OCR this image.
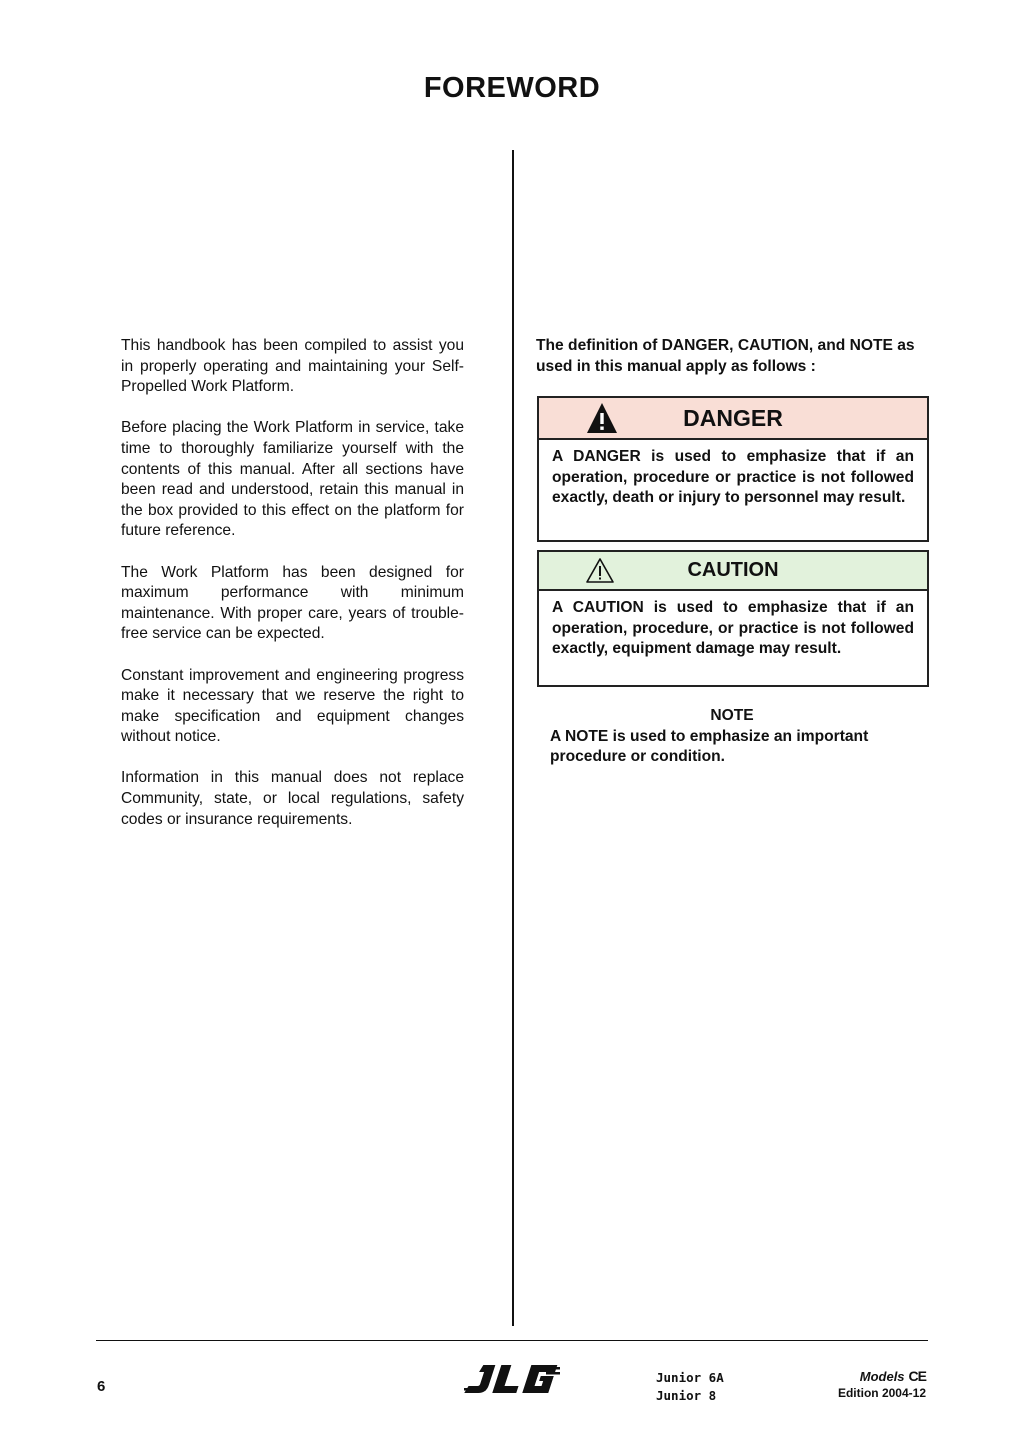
FOREWORD

This handbook has been compiled to assist you in properly operating and maintaining your Self-Propelled Work Platform.

Before placing the Work Platform in service, take time to thoroughly familiarize yourself with the contents of this manual. After all sections have been read and understood, retain this manual in the box provided to this effect on the platform for future reference.

The Work Platform has been designed for maximum performance with minimum maintenance. With proper care, years of trouble-free service can be expected.

Constant improvement and engineering progress make it necessary that we reserve the right to make specification and equipment changes without notice.

Information in this manual does not replace Community, state, or local regulations, safety codes or insurance requirements.

The definition of DANGER, CAUTION, and NOTE as used in this manual apply as follows :

DANGER
A DANGER is used to emphasize that if an operation, procedure or practice is not followed exactly, death or injury to personnel may result.
CAUTION
A CAUTION is used to emphasize that if an operation, procedure, or practice is not followed exactly, equipment damage may result.
NOTE
A NOTE is used to emphasize an important procedure or condition.
6
Junior 6A
Junior 8
Models CE
Edition 2004-12
